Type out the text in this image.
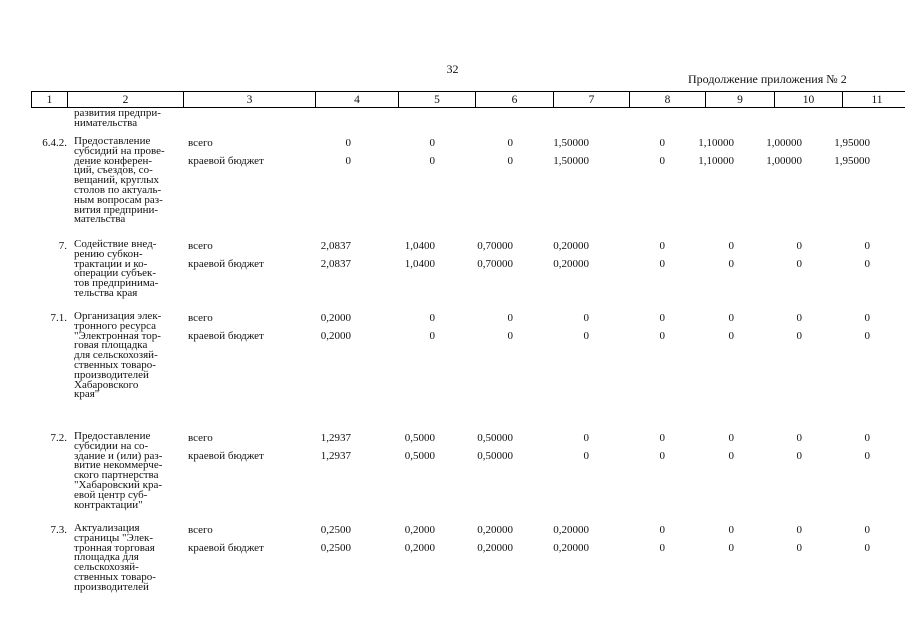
32
Продолжение приложения № 2
1	2	3	4	5	6	7	8	9	10	11
развития предпри-
нимательства
6.4.2. Предоставление
субсидий на прове-
дение конферен-
ций, съездов, со-
вещаний, круглых
столов по актуаль-
ным вопросам раз-
вития предприни-
мательства
всего	0	0	0	1,50000	0	1,10000	1,00000	1,95000
краевой бюджет	0	0	0	1,50000	0	1,10000	1,00000	1,95000
7. Содействие внед-
рению субкон-
трактации и ко-
операции субъек-
тов предпринима-
тельства края
всего	2,0837	1,0400	0,70000	0,20000	0	0	0	0
краевой бюджет	2,0837	1,0400	0,70000	0,20000	0	0	0	0
7.1. Организация элек-
тронного ресурса
"Электронная тор-
говая площадка
для сельскохозяй-
ственных товаро-
производителей
Хабаровского
края"
всего	0,2000	0	0	0	0	0	0	0
краевой бюджет	0,2000	0	0	0	0	0	0	0
7.2. Предоставление
субсидии на со-
здание и (или) раз-
витие некоммерче-
ского партнерства
"Хабаровский кра-
евой центр суб-
контрактации"
всего	1,2937	0,5000	0,50000	0	0	0	0	0
краевой бюджет	1,2937	0,5000	0,50000	0	0	0	0	0
7.3. Актуализация
страницы "Элек-
тронная торговая
площадка для
сельскохозяй-
ственных товаро-
производителей
всего	0,2500	0,2000	0,20000	0,20000	0	0	0	0
краевой бюджет	0,2500	0,2000	0,20000	0,20000	0	0	0	0
